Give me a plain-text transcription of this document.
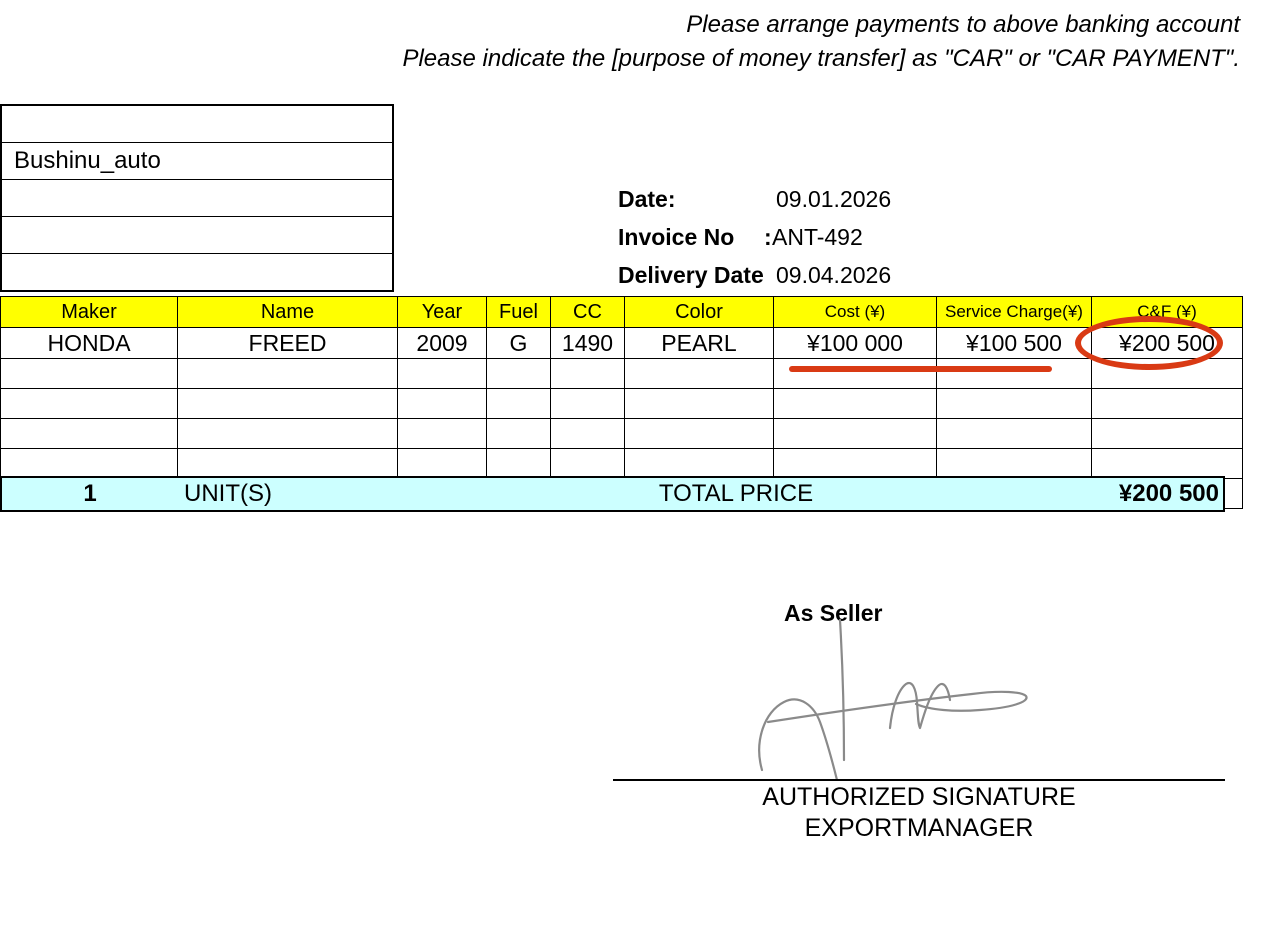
Please arrange payments to above banking account
Please indicate the [purpose of money transfer] as "CAR" or "CAR PAYMENT".

Bushinu_auto

Date:	09.01.2026
Invoice No	: ANT-492
Delivery Date 09.04.2026
Maker	Name	Year	Fuel	CC	Color	Cost (¥)	Service Charge(¥)	C&F (¥)
HONDA	FREED	2009	G	1490	PEARL	¥100 000	¥100 500	¥200 500

1	UNIT(S)	TOTAL PRICE	¥200 500
As Seller
AUTHORIZED SIGNATURE
EXPORTMANAGER
